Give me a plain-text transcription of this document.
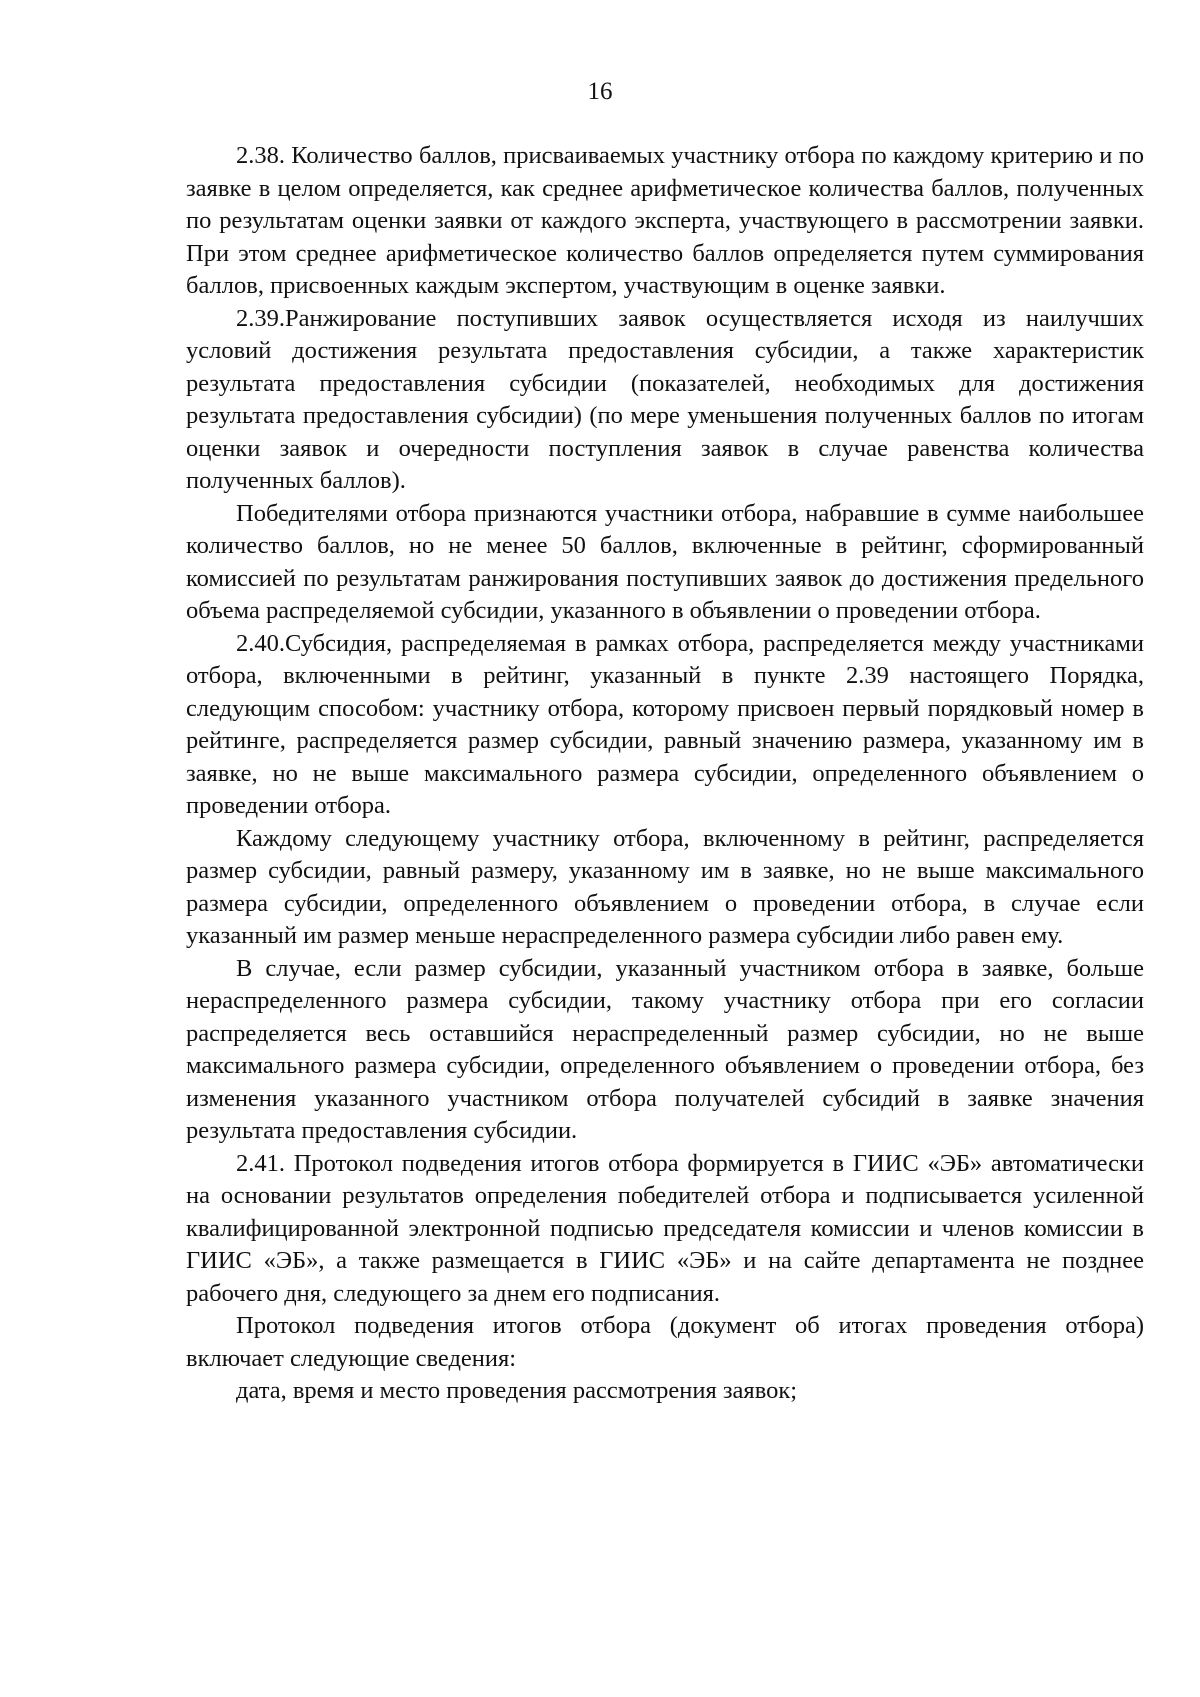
16

2.38. Количество баллов, присваиваемых участнику отбора по каждому критерию и по заявке в целом определяется, как среднее арифметическое количества баллов, полученных по результатам оценки заявки от каждого эксперта, участвующего в рассмотрении заявки. При этом среднее арифметическое количество баллов определяется путем суммирования баллов, присвоенных каждым экспертом, участвующим в оценке заявки.

2.39.Ранжирование поступивших заявок осуществляется исходя из наилучших условий достижения результата предоставления субсидии, а также характеристик результата предоставления субсидии (показателей, необходимых для достижения результата предоставления субсидии) (по мере уменьшения полученных баллов по итогам оценки заявок и очередности поступления заявок в случае равенства количества полученных баллов).

Победителями отбора признаются участники отбора, набравшие в сумме наибольшее количество баллов, но не менее 50 баллов, включенные в рейтинг, сформированный комиссией по результатам ранжирования поступивших заявок до достижения предельного объема распределяемой субсидии, указанного в объявлении о проведении отбора.

2.40.Субсидия, распределяемая в рамках отбора, распределяется между участниками отбора, включенными в рейтинг, указанный в пункте 2.39 настоящего Порядка, следующим способом: участнику отбора, которому присвоен первый порядковый номер в рейтинге, распределяется размер субсидии, равный значению размера, указанному им в заявке, но не выше максимального размера субсидии, определенного объявлением о проведении отбора.

Каждому следующему участнику отбора, включенному в рейтинг, распределяется размер субсидии, равный размеру, указанному им в заявке, но не выше максимального размера субсидии, определенного объявлением о проведении отбора, в случае если указанный им размер меньше нераспределенного размера субсидии либо равен ему.

В случае, если размер субсидии, указанный участником отбора в заявке, больше нераспределенного размера субсидии, такому участнику отбора при его согласии распределяется весь оставшийся нераспределенный размер субсидии, но не выше максимального размера субсидии, определенного объявлением о проведении отбора, без изменения указанного участником отбора получателей субсидий в заявке значения результата предоставления субсидии.

2.41. Протокол подведения итогов отбора формируется в ГИИС «ЭБ» автоматически на основании результатов определения победителей отбора и подписывается усиленной квалифицированной электронной подписью председателя комиссии и членов комиссии в ГИИС «ЭБ», а также размещается в ГИИС «ЭБ» и на сайте департамента не позднее рабочего дня, следующего за днем его подписания.

Протокол подведения итогов отбора (документ об итогах проведения отбора) включает следующие сведения:

дата, время и место проведения рассмотрения заявок;
